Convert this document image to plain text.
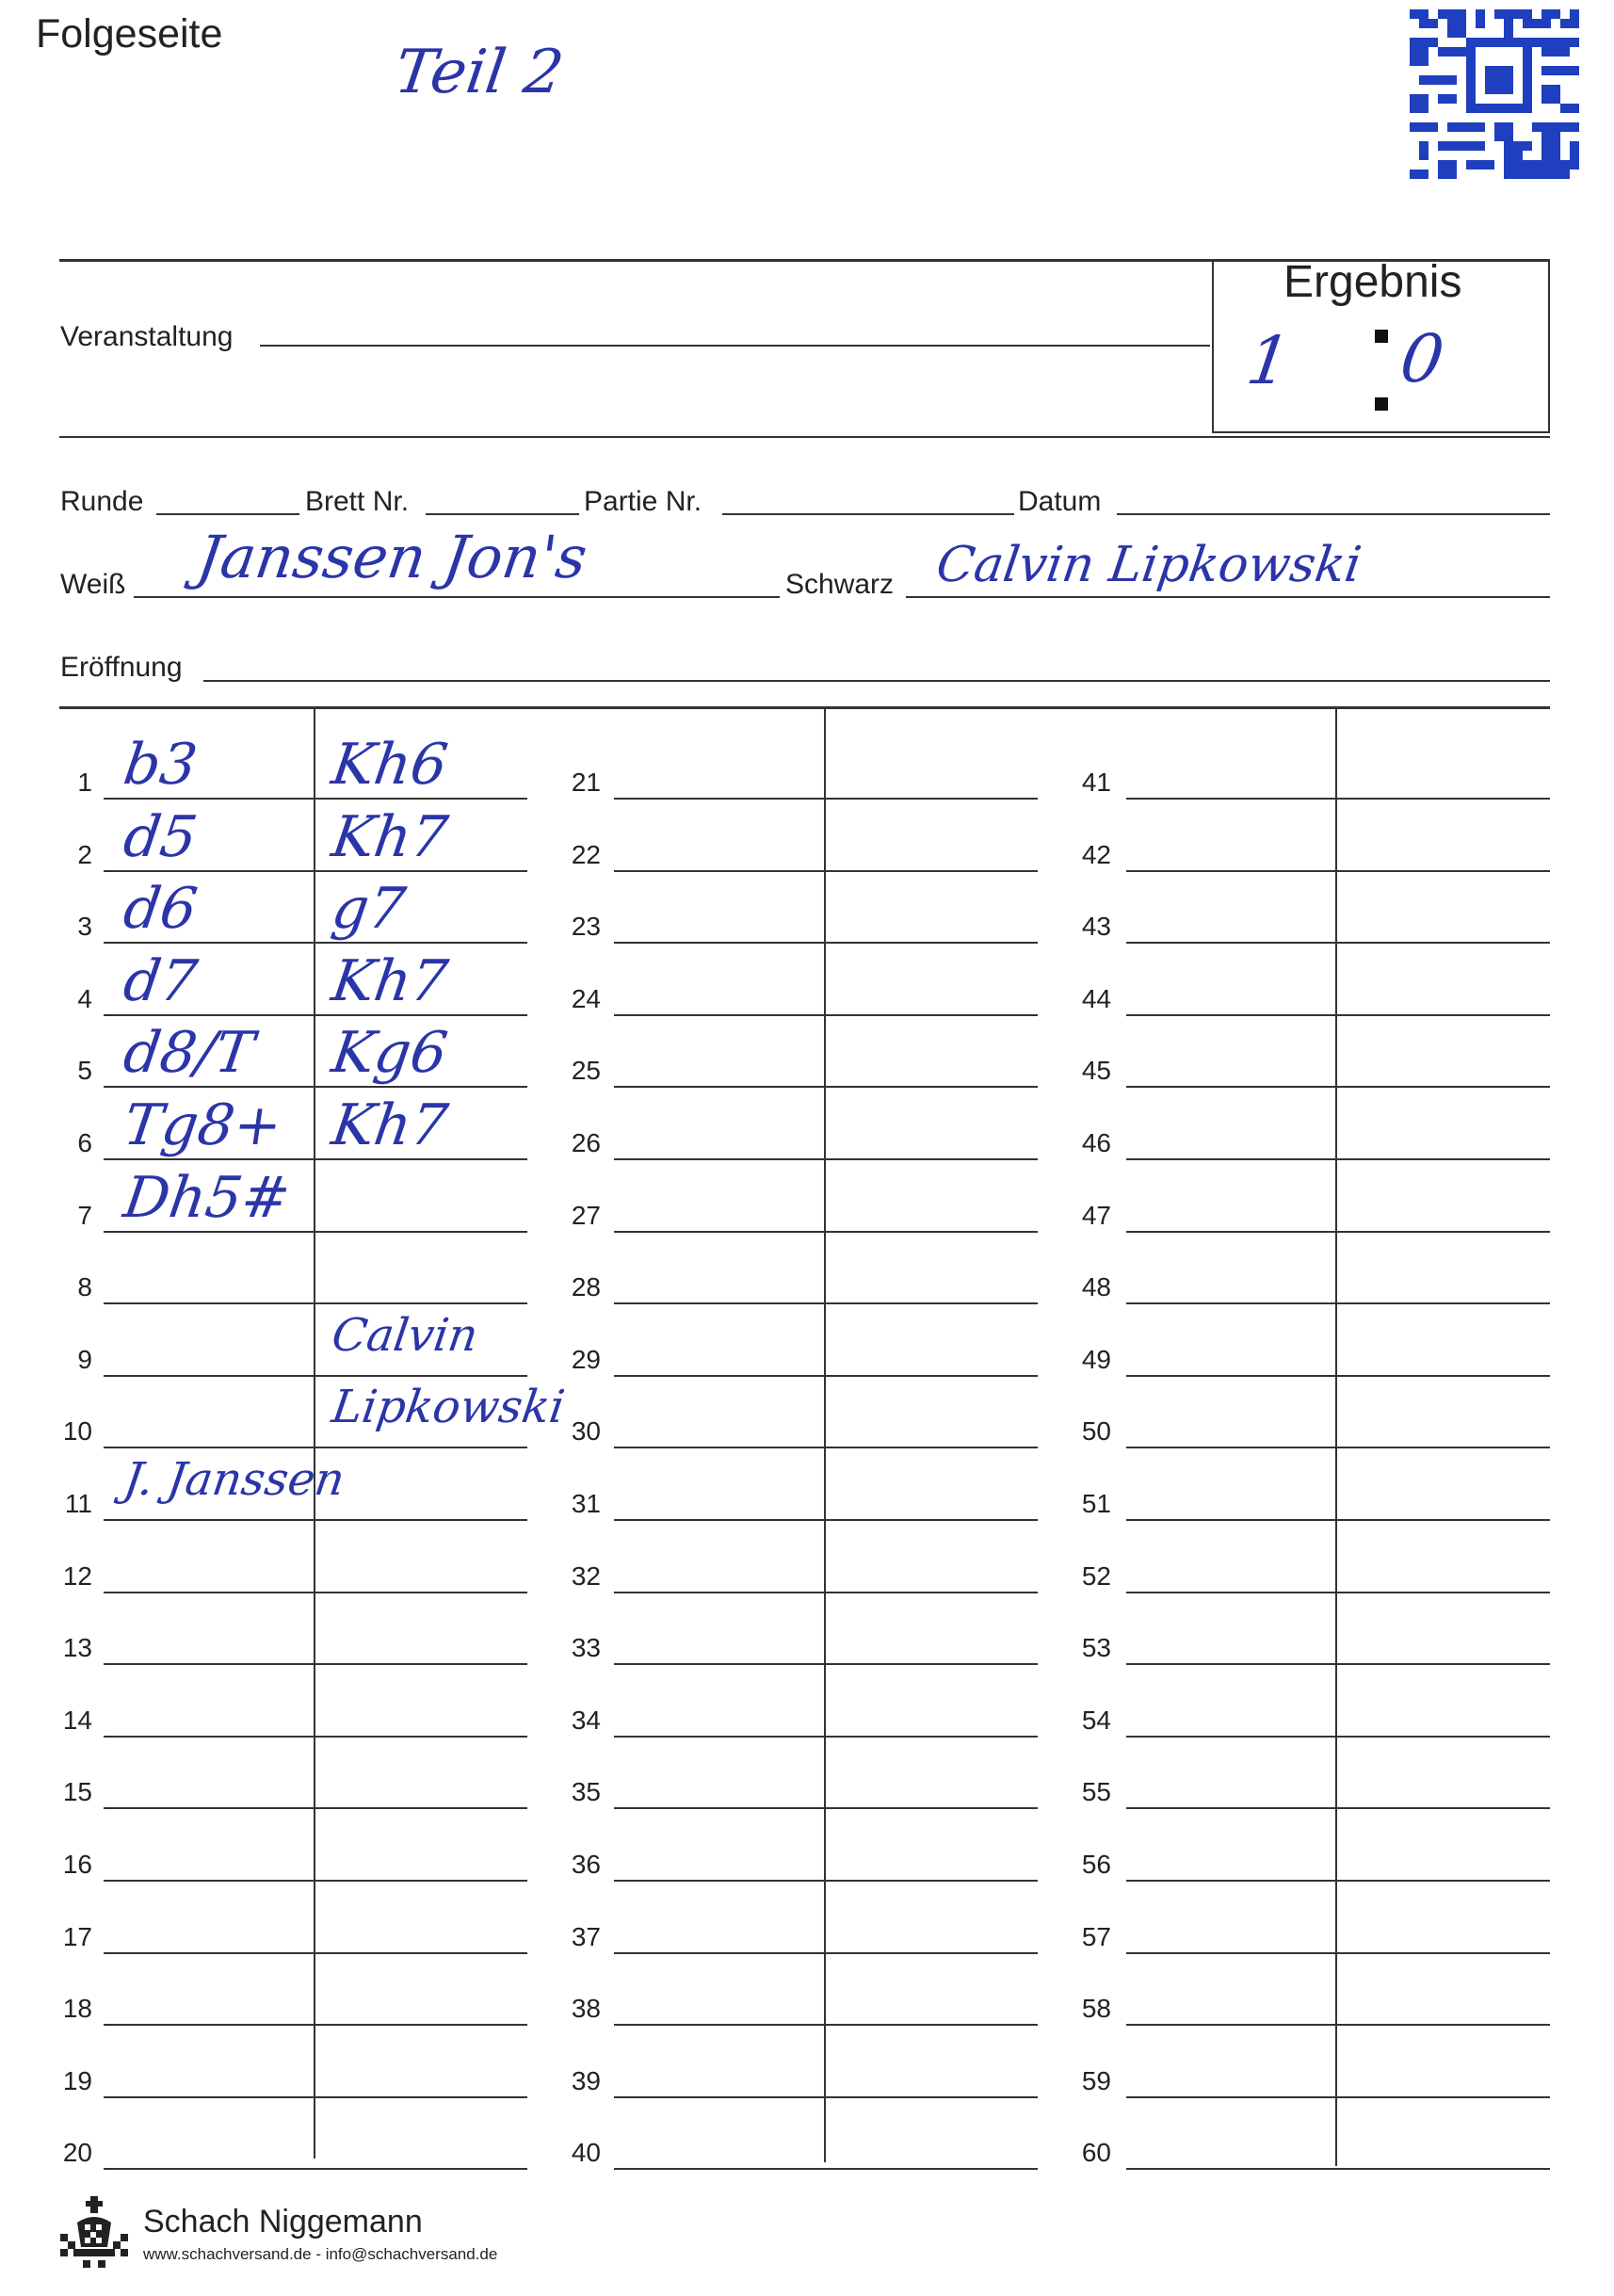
Folgeseite
Teil 2
Veranstaltung
Ergebnis
1 0
Runde	Brett Nr.	Partie Nr.	Datum
Weiß Janssen Jon's	Schwarz Calvin Lipkowski
Eröffnung
1 b3 Kh6
2 d5 Kh7
3 d6 g7
4 d7 Kh7
5 d8/T Kg6
6 Tg8+ Kh7
7 Dh5#
8
9	Calvin
10	Lipkowski
11 J. Janssen
12
13
14
15
16
17
18
19
20
21
22
23
24
25
26
27
28
29
30
31
32
33
34
35
36
37
38
39
40
41
42
43
44
45
46
47
48
49
50
51
52
53
54
55
56
57
58
59
60
Schach Niggemann
www.schachversand.de - info@schachversand.de
